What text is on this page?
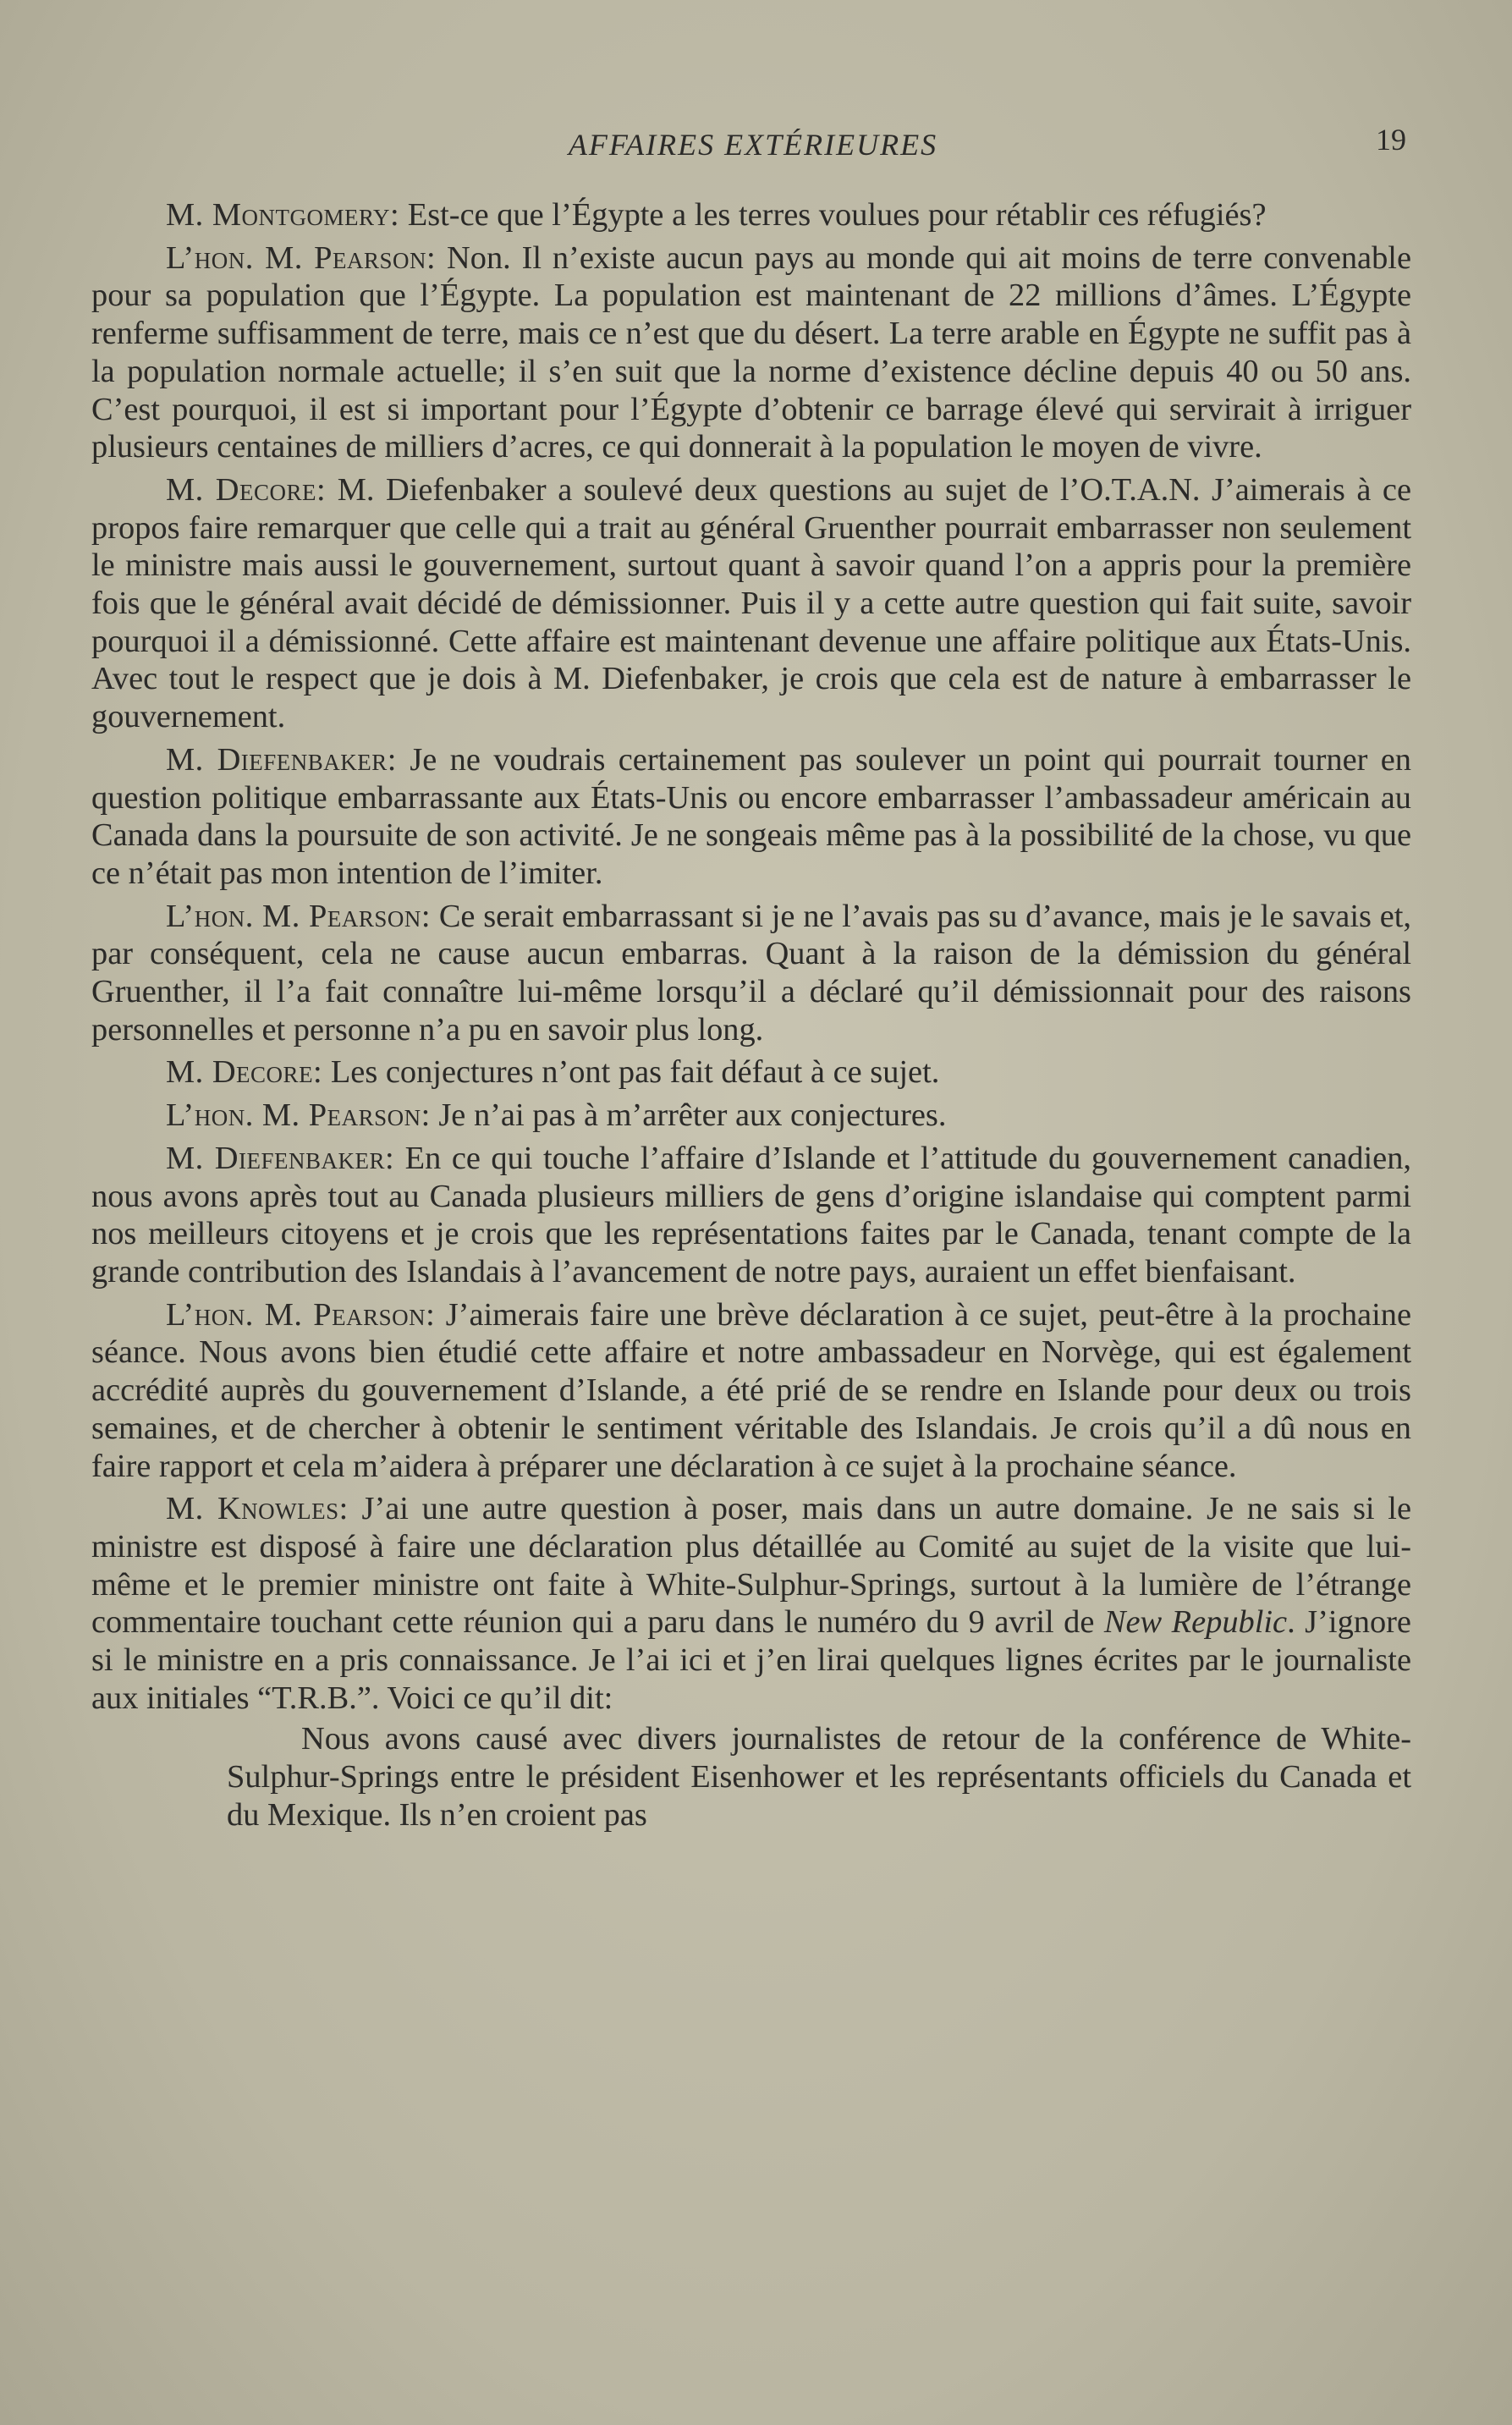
AFFAIRES EXTÉRIEURES	19

M. Montgomery: Est-ce que l’Égypte a les terres voulues pour rétablir ces réfugiés?

L’hon. M. Pearson: Non. Il n’existe aucun pays au monde qui ait moins de terre convenable pour sa population que l’Égypte. La population est maintenant de 22 millions d’âmes. L’Égypte renferme suffisamment de terre, mais ce n’est que du désert. La terre arable en Égypte ne suffit pas à la population normale actuelle; il s’en suit que la norme d’existence décline depuis 40 ou 50 ans. C’est pourquoi, il est si important pour l’Égypte d’obtenir ce barrage élevé qui servirait à irriguer plusieurs centaines de milliers d’acres, ce qui donnerait à la population le moyen de vivre.

M. Decore: M. Diefenbaker a soulevé deux questions au sujet de l’O.T.A.N. J’aimerais à ce propos faire remarquer que celle qui a trait au général Gruenther pourrait embarrasser non seulement le ministre mais aussi le gouvernement, surtout quant à savoir quand l’on a appris pour la première fois que le général avait décidé de démissionner. Puis il y a cette autre question qui fait suite, savoir pourquoi il a démissionné. Cette affaire est maintenant devenue une affaire politique aux États-Unis. Avec tout le respect que je dois à M. Diefenbaker, je crois que cela est de nature à embarrasser le gouvernement.

M. Diefenbaker: Je ne voudrais certainement pas soulever un point qui pourrait tourner en question politique embarrassante aux États-Unis ou encore embarrasser l’ambassadeur américain au Canada dans la poursuite de son activité. Je ne songeais même pas à la possibilité de la chose, vu que ce n’était pas mon intention de l’imiter.

L’hon. M. Pearson: Ce serait embarrassant si je ne l’avais pas su d’avance, mais je le savais et, par conséquent, cela ne cause aucun embarras. Quant à la raison de la démission du général Gruenther, il l’a fait connaître lui-même lorsqu’il a déclaré qu’il démissionnait pour des raisons personnelles et personne n’a pu en savoir plus long.

M. Decore: Les conjectures n’ont pas fait défaut à ce sujet.

L’hon. M. Pearson: Je n’ai pas à m’arrêter aux conjectures.

M. Diefenbaker: En ce qui touche l’affaire d’Islande et l’attitude du gouvernement canadien, nous avons après tout au Canada plusieurs milliers de gens d’origine islandaise qui comptent parmi nos meilleurs citoyens et je crois que les représentations faites par le Canada, tenant compte de la grande contribution des Islandais à l’avancement de notre pays, auraient un effet bienfaisant.

L’hon. M. Pearson: J’aimerais faire une brève déclaration à ce sujet, peut-être à la prochaine séance. Nous avons bien étudié cette affaire et notre ambassadeur en Norvège, qui est également accrédité auprès du gouvernement d’Islande, a été prié de se rendre en Islande pour deux ou trois semaines, et de chercher à obtenir le sentiment véritable des Islandais. Je crois qu’il a dû nous en faire rapport et cela m’aidera à préparer une déclaration à ce sujet à la prochaine séance.

M. Knowles: J’ai une autre question à poser, mais dans un autre domaine. Je ne sais si le ministre est disposé à faire une déclaration plus détaillée au Comité au sujet de la visite que lui-même et le premier ministre ont faite à White-Sulphur-Springs, surtout à la lumière de l’étrange commentaire touchant cette réunion qui a paru dans le numéro du 9 avril de New Republic. J’ignore si le ministre en a pris connaissance. Je l’ai ici et j’en lirai quelques lignes écrites par le journaliste aux initiales “T.R.B.”. Voici ce qu’il dit:

Nous avons causé avec divers journalistes de retour de la conférence de White-Sulphur-Springs entre le président Eisenhower et les représentants officiels du Canada et du Mexique. Ils n’en croient pas
